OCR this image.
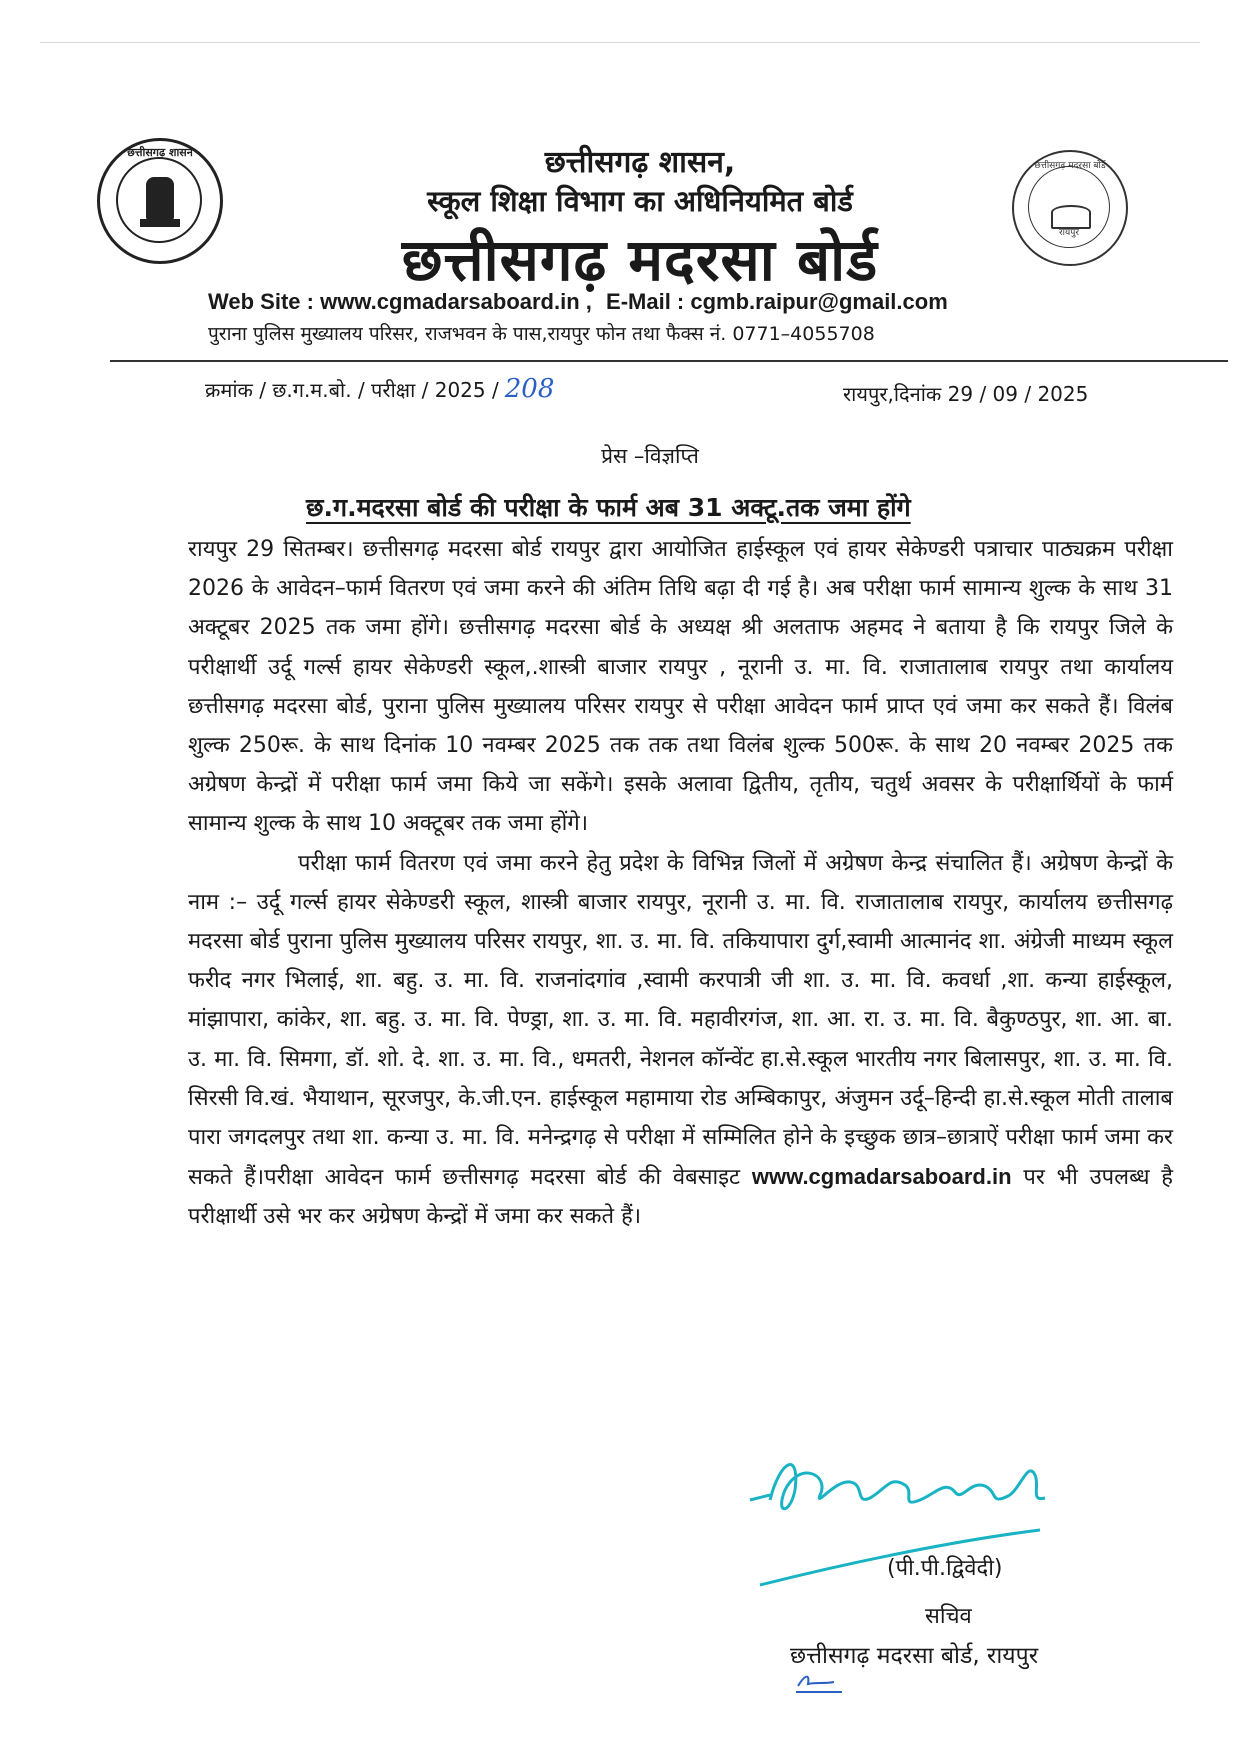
छत्तीसगढ़ शासन
छत्तीसगढ़ मदरसा बोर्ड
रायपुर
छत्तीसगढ़ शासन,
स्कूल शिक्षा विभाग का अधिनियमित बोर्ड
छत्तीसगढ़ मदरसा बोर्ड
Web Site : www.cgmadarsaboard.in , E-Mail : cgmb.raipur@gmail.com
पुराना पुलिस मुख्यालय परिसर, राजभवन के पास,रायपुर फोन तथा फैक्स नं. 0771–4055708
क्रमांक / छ.ग.म.बो. / परीक्षा / 2025 / 208	रायपुर,दिनांक 29 / 09 / 2025
प्रेस –विज्ञप्ति
छ.ग.मदरसा बोर्ड की परीक्षा के फार्म अब 31 अक्टू.तक जमा होंगे

रायपुर 29 सितम्बर। छत्तीसगढ़ मदरसा बोर्ड रायपुर द्वारा आयोजित हाईस्कूल एवं हायर सेकेण्डरी पत्राचार पाठ्यक्रम परीक्षा 2026 के आवेदन–फार्म वितरण एवं जमा करने की अंतिम तिथि बढ़ा दी गई है। अब परीक्षा फार्म सामान्य शुल्क के साथ 31 अक्टूबर 2025 तक जमा होंगे। छत्तीसगढ़ मदरसा बोर्ड के अध्यक्ष श्री अलताफ अहमद ने बताया है कि रायपुर जिले के परीक्षार्थी उर्दू गर्ल्स हायर सेकेण्डरी स्कूल,.शास्त्री बाजार रायपुर , नूरानी उ. मा. वि. राजातालाब रायपुर तथा कार्यालय छत्तीसगढ़ मदरसा बोर्ड, पुराना पुलिस मुख्यालय परिसर रायपुर से परीक्षा आवेदन फार्म प्राप्त एवं जमा कर सकते हैं। विलंब शुल्क 250रू. के साथ दिनांक 10 नवम्बर 2025 तक तक तथा विलंब शुल्क 500रू. के साथ 20 नवम्बर 2025 तक अग्रेषण केन्द्रों में परीक्षा फार्म जमा किये जा सकेंगे। इसके अलावा द्वितीय, तृतीय, चतुर्थ अवसर के परीक्षार्थियों के फार्म सामान्य शुल्क के साथ 10 अक्टूबर तक जमा होंगे।

परीक्षा फार्म वितरण एवं जमा करने हेतु प्रदेश के विभिन्न जिलों में अग्रेषण केन्द्र संचालित हैं। अग्रेषण केन्द्रों के नाम :– उर्दू गर्ल्स हायर सेकेण्डरी स्कूल, शास्त्री बाजार रायपुर, नूरानी उ. मा. वि. राजातालाब रायपुर, कार्यालय छत्तीसगढ़ मदरसा बोर्ड पुराना पुलिस मुख्यालय परिसर रायपुर, शा. उ. मा. वि. तकियापारा दुर्ग,स्वामी आत्मानंद शा. अंग्रेजी माध्यम स्कूल फरीद नगर भिलाई, शा. बहु. उ. मा. वि. राजनांदगांव ,स्वामी करपात्री जी शा. उ. मा. वि. कवर्धा ,शा. कन्या हाईस्कूल, मांझापारा, कांकेर, शा. बहु. उ. मा. वि. पेण्ड्रा, शा. उ. मा. वि. महावीरगंज, शा. आ. रा. उ. मा. वि. बैकुण्ठपुर, शा. आ. बा. उ. मा. वि. सिमगा, डॉ. शो. दे. शा. उ. मा. वि., धमतरी, नेशनल कॉन्वेंट हा.से.स्कूल भारतीय नगर बिलासपुर, शा. उ. मा. वि. सिरसी वि.खं. भैयाथान, सूरजपुर, के.जी.एन. हाईस्कूल महामाया रोड अम्बिकापुर, अंजुमन उर्दू–हिन्दी हा.से.स्कूल मोती तालाब पारा जगदलपुर तथा शा. कन्या उ. मा. वि. मनेन्द्रगढ़ से परीक्षा में सम्मिलित होने के इच्छुक छात्र–छात्राऐं परीक्षा फार्म जमा कर सकते हैं।परीक्षा आवेदन फार्म छत्तीसगढ़ मदरसा बोर्ड की वेबसाइट www.cgmadarsaboard.in पर भी उपलब्ध है परीक्षार्थी उसे भर कर अग्रेषण केन्द्रों में जमा कर सकते हैं।

(पी.पी.द्विवेदी)
सचिव
छत्तीसगढ़ मदरसा बोर्ड, रायपुर
